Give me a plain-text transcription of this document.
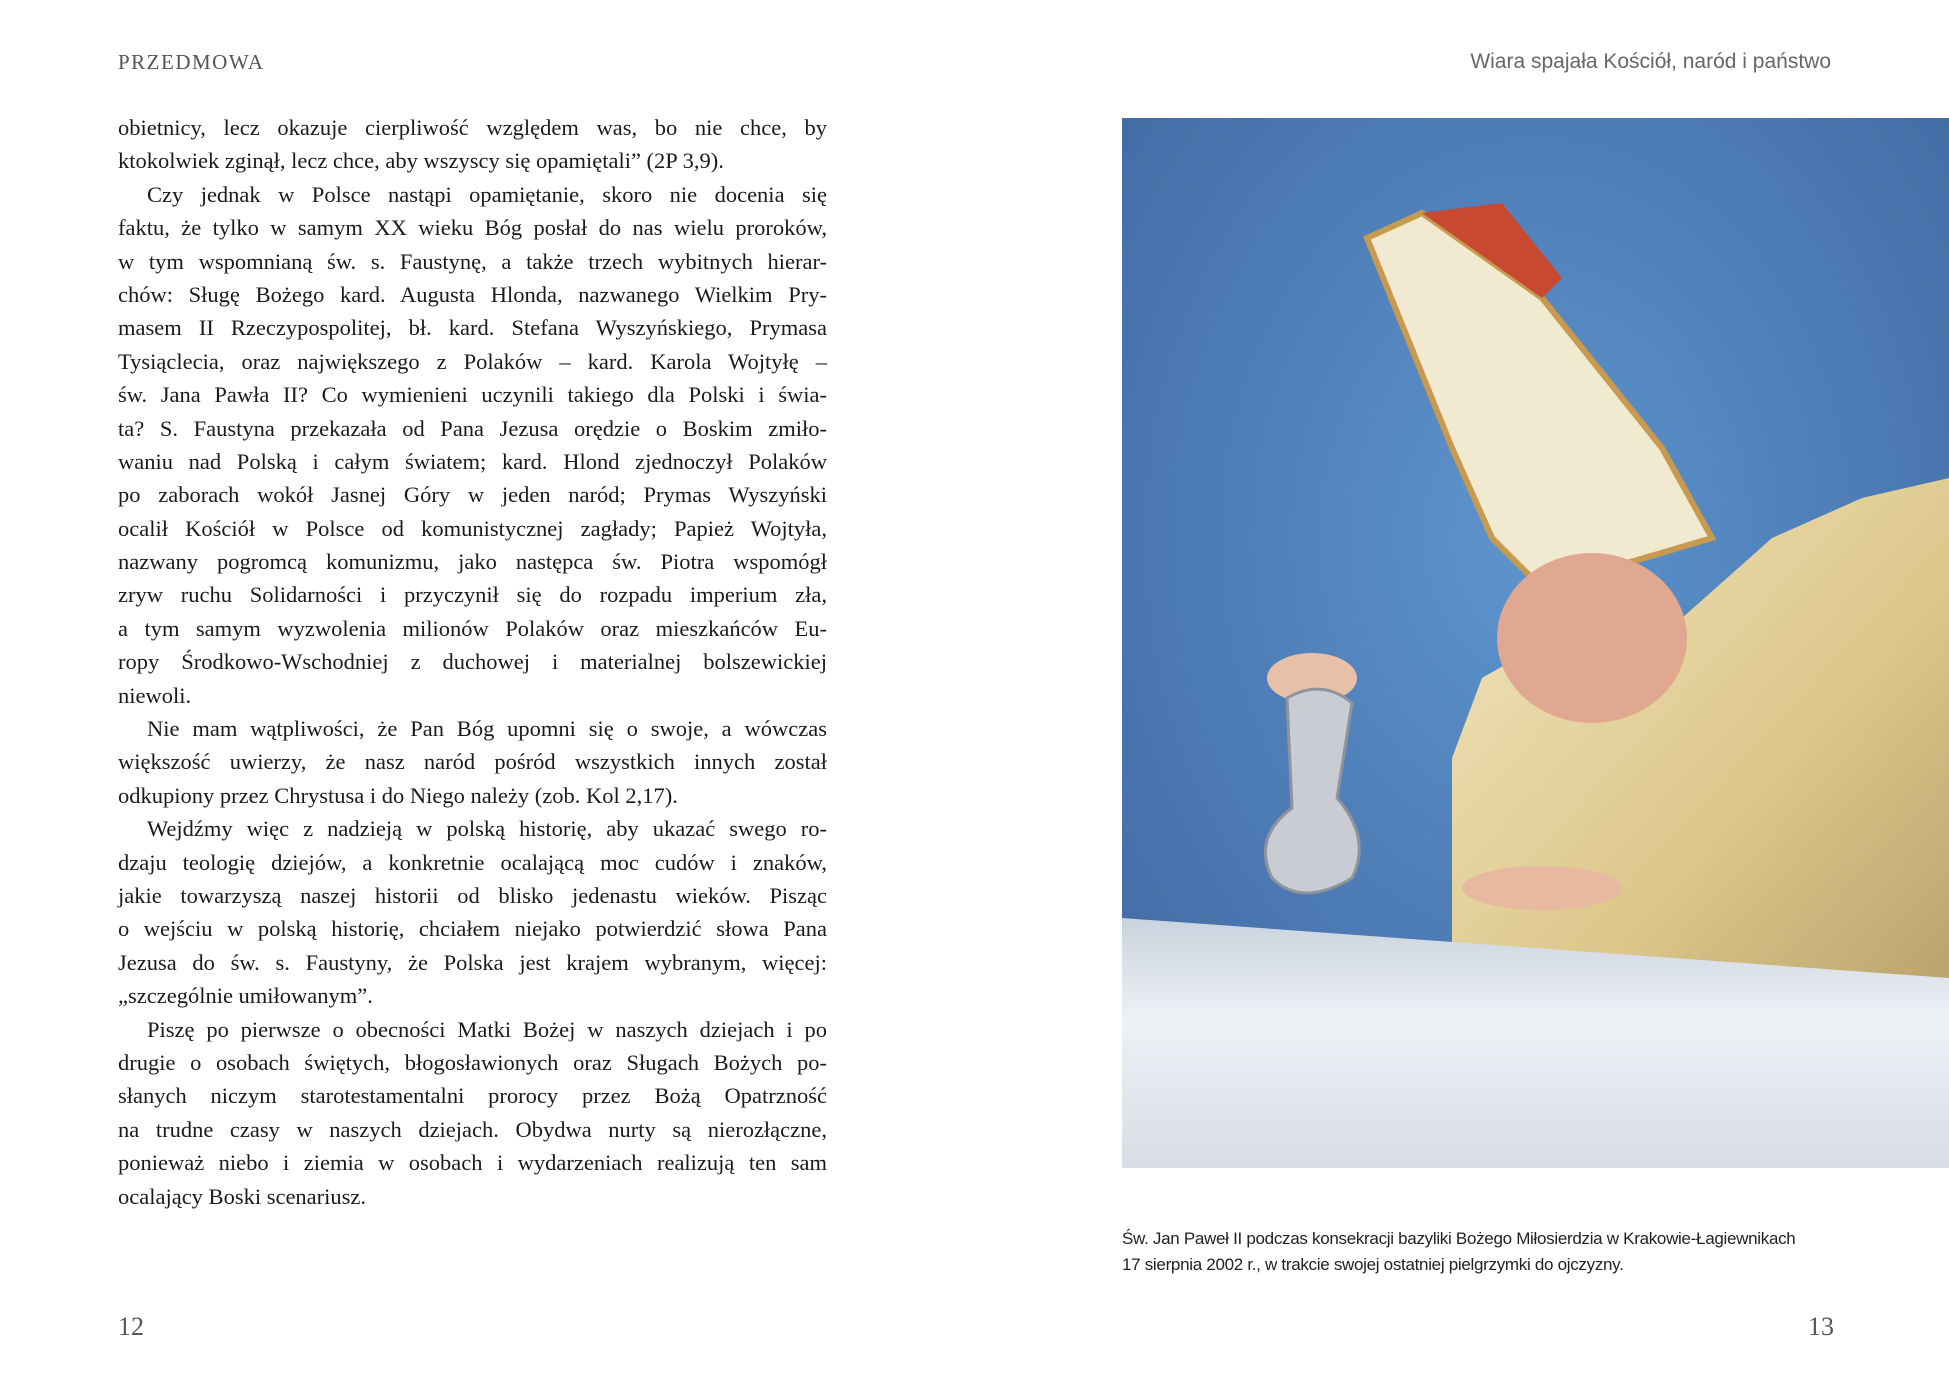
PRZEDMOWA	Wiara spajała Kościół, naród i państwo
obietnicy, lecz okazuje cierpliwość względem was, bo nie chce, by
ktokolwiek zginął, lecz chce, aby wszyscy się opamiętali” (2P 3,9).
Czy jednak w Polsce nastąpi opamiętanie, skoro nie docenia się
faktu, że tylko w samym XX wieku Bóg posłał do nas wielu proroków,
w tym wspomnianą św. s. Faustynę, a także trzech wybitnych hierar-
chów: Sługę Bożego kard. Augusta Hlonda, nazwanego Wielkim Pry-
masem II Rzeczypospolitej, bł. kard. Stefana Wyszyńskiego, Prymasa
Tysiąclecia, oraz największego z Polaków – kard. Karola Wojtyłę –
św. Jana Pawła II? Co wymienieni uczynili takiego dla Polski i świa-
ta? S. Faustyna przekazała od Pana Jezusa orędzie o Boskim zmiło-
waniu nad Polską i całym światem; kard. Hlond zjednoczył Polaków
po zaborach wokół Jasnej Góry w jeden naród; Prymas Wyszyński
ocalił Kościół w Polsce od komunistycznej zagłady; Papież Wojtyła,
nazwany pogromcą komunizmu, jako następca św. Piotra wspomógł
zryw ruchu Solidarności i przyczynił się do rozpadu imperium zła,
a tym samym wyzwolenia milionów Polaków oraz mieszkańców Eu-
ropy Środkowo-Wschodniej z duchowej i materialnej bolszewickiej
niewoli.
Nie mam wątpliwości, że Pan Bóg upomni się o swoje, a wówczas
większość uwierzy, że nasz naród pośród wszystkich innych został
odkupiony przez Chrystusa i do Niego należy (zob. Kol 2,17).
Wejdźmy więc z nadzieją w polską historię, aby ukazać swego ro-
dzaju teologię dziejów, a konkretnie ocalającą moc cudów i znaków,
jakie towarzyszą naszej historii od blisko jedenastu wieków. Pisząc
o wejściu w polską historię, chciałem niejako potwierdzić słowa Pana
Jezusa do św. s. Faustyny, że Polska jest krajem wybranym, więcej:
„szczególnie umiłowanym”.
Piszę po pierwsze o obecności Matki Bożej w naszych dziejach i po
drugie o osobach świętych, błogosławionych oraz Sługach Bożych po-
słanych niczym starotestamentalni prorocy przez Bożą Opatrzność
na trudne czasy w naszych dziejach. Obydwa nurty są nierozłączne,
ponieważ niebo i ziemia w osobach i wydarzeniach realizują ten sam
ocalający Boski scenariusz.
Św. Jan Paweł II podczas konsekracji bazyliki Bożego Miłosierdzia w Krakowie-Łagiewnikach
17 sierpnia 2002 r., w trakcie swojej ostatniej pielgrzymki do ojczyzny.
12	13
